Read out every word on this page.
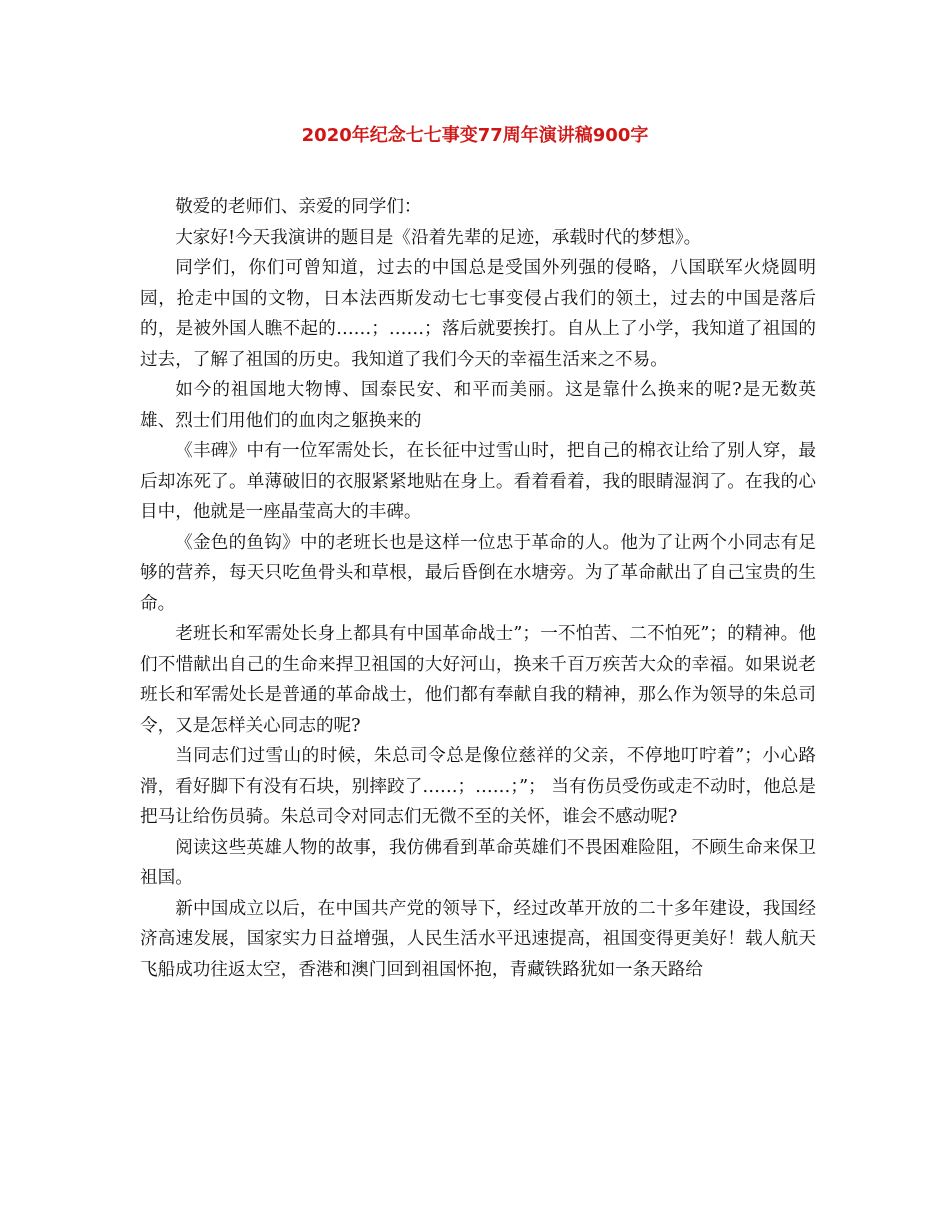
2020年纪念七七事变77周年演讲稿900字

敬爱的老师们、亲爱的同学们：

大家好!今天我演讲的题目是《沿着先辈的足迹，承载时代的梦想》。

同学们，你们可曾知道，过去的中国总是受国外列强的侵略，八国联军火烧圆明园，抢走中国的文物，日本法西斯发动七七事变侵占我们的领土，过去的中国是落后的，是被外国人瞧不起的……；……；落后就要挨打。自从上了小学，我知道了祖国的过去，了解了祖国的历史。我知道了我们今天的幸福生活来之不易。

如今的祖国地大物博、国泰民安、和平而美丽。这是靠什么换来的呢?是无数英雄、烈士们用他们的血肉之躯换来的

《丰碑》中有一位军需处长，在长征中过雪山时，把自己的棉衣让给了别人穿，最后却冻死了。单薄破旧的衣服紧紧地贴在身上。看着看着，我的眼睛湿润了。在我的心目中，他就是一座晶莹高大的丰碑。

《金色的鱼钩》中的老班长也是这样一位忠于革命的人。他为了让两个小同志有足够的营养，每天只吃鱼骨头和草根，最后昏倒在水塘旁。为了革命献出了自己宝贵的生命。

老班长和军需处长身上都具有中国革命战士”；一不怕苦、二不怕死”；的精神。他们不惜献出自己的生命来捍卫祖国的大好河山，换来千百万疾苦大众的幸福。如果说老班长和军需处长是普通的革命战士，他们都有奉献自我的精神，那么作为领导的朱总司令，又是怎样关心同志的呢?

当同志们过雪山的时候，朱总司令总是像位慈祥的父亲，不停地叮咛着”；小心路滑，看好脚下有没有石块，别摔跤了……；……；”； 当有伤员受伤或走不动时，他总是把马让给伤员骑。朱总司令对同志们无微不至的关怀，谁会不感动呢?

阅读这些英雄人物的故事，我仿佛看到革命英雄们不畏困难险阻，不顾生命来保卫祖国。

新中国成立以后，在中国共产党的领导下，经过改革开放的二十多年建设，我国经济高速发展，国家实力日益增强，人民生活水平迅速提高，祖国变得更美好！载人航天飞船成功往返太空，香港和澳门回到祖国怀抱，青藏铁路犹如一条天路给
